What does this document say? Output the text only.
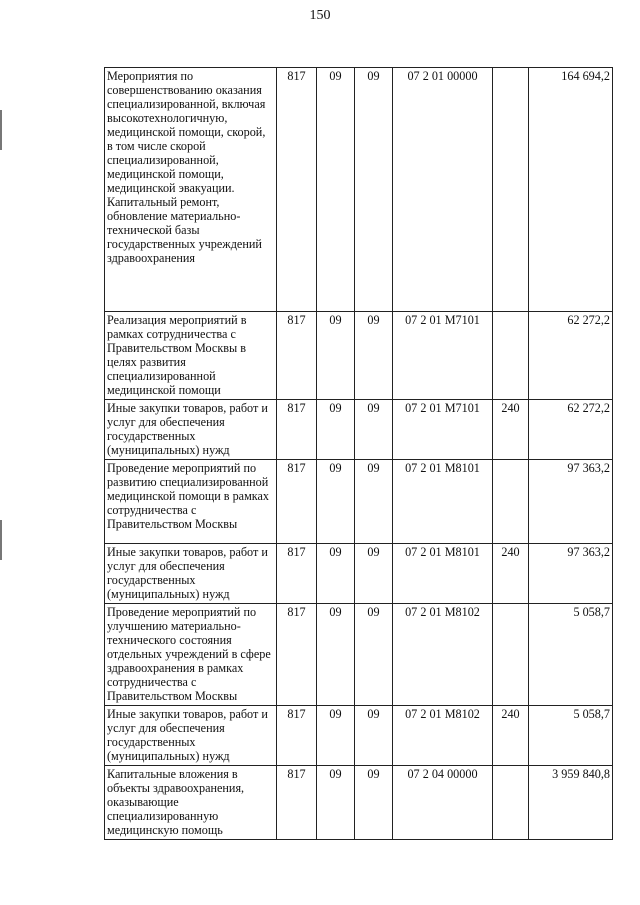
150
Мероприятия по совершенствованию оказания специализированной, включая высокотехнологичную, медицинской помощи, скорой, в том числе скорой специализированной, медицинской помощи, медицинской эвакуации. Капитальный ремонт, обновление материально-технической базы государственных учреждений здравоохранения	817	09	09	07 2 01 00000		164 694,2
Реализация мероприятий в рамках сотрудничества с Правительством Москвы в целях развития специализированной медицинской помощи	817	09	09	07 2 01 M7101		62 272,2
Иные закупки товаров, работ и услуг для обеспечения государственных (муниципальных) нужд	817	09	09	07 2 01 M7101	240	62 272,2
Проведение мероприятий по развитию специализированной медицинской помощи в рамках сотрудничества с Правительством Москвы	817	09	09	07 2 01 M8101		97 363,2
Иные закупки товаров, работ и услуг для обеспечения государственных (муниципальных) нужд	817	09	09	07 2 01 M8101	240	97 363,2
Проведение мероприятий по улучшению материально-технического состояния отдельных учреждений в сфере здравоохранения в рамках сотрудничества с Правительством Москвы	817	09	09	07 2 01 M8102		5 058,7
Иные закупки товаров, работ и услуг для обеспечения государственных (муниципальных) нужд	817	09	09	07 2 01 M8102	240	5 058,7
Капитальные вложения в объекты здравоохранения, оказывающие специализированную медицинскую помощь	817	09	09	07 2 04 00000		3 959 840,8
